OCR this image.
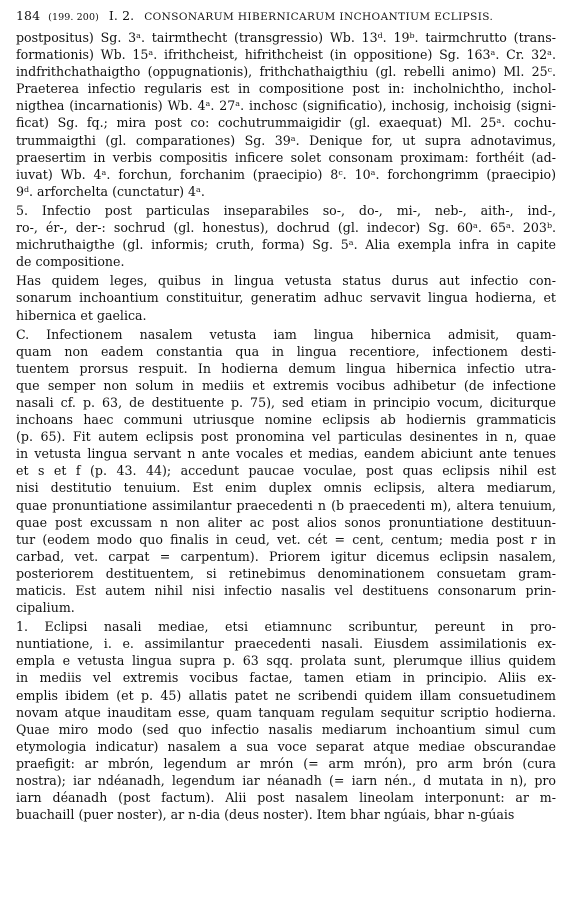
184 (199. 200) I. 2. CONSONARUM HIBERNICARUM INCHOANTIUM ECLIPSIS.
postpositus) Sg. 3ᵃ. tairmthecht (transgressio) Wb. 13ᵈ. 19ᵇ. tairmchrutto (trans-
formationis) Wb. 15ᵃ. ifrithcheist, hifrithcheist (in oppositione) Sg. 163ᵃ. Cr. 32ᵃ.
indfrithchathaigtho (oppugnationis), frithchathaigthiu (gl. rebelli animo) Ml. 25ᶜ.
Praeterea infectio regularis est in compositione post in: incholnichtho, inchol-
nigthea (incarnationis) Wb. 4ᵃ. 27ᵃ. inchosc (significatio), inchosig, inchoisig (signi-
ficat) Sg. fq.; mira post co: cochutrummaigidir (gl. exaequat) Ml. 25ᵃ. cochu-
trummaigthi (gl. comparationes) Sg. 39ᵃ. Denique for, ut supra adnotavimus,
praesertim in verbis compositis inficere solet consonam proximam: forthéit (ad-
iuvat) Wb. 4ᵃ. forchun, forchanim (praecipio) 8ᶜ. 10ᵃ. forchongrimm (praecipio)
9ᵈ. arforchelta (cunctatur) 4ᵃ.
5. Infectio post particulas inseparabiles so-, do-, mi-, neb-, aith-, ind-,
ro-, ér-, der-: sochrud (gl. honestus), dochrud (gl. indecor) Sg. 60ᵃ. 65ᵃ. 203ᵇ.
michruthaigthe (gl. informis; cruth, forma) Sg. 5ᵃ. Alia exempla infra in capite
de compositione.
Has quidem leges, quibus in lingua vetusta status durus aut infectio con-
sonarum inchoantium constituitur, generatim adhuc servavit lingua hodierna, et
hibernica et gaelica.
C. Infectionem nasalem vetusta iam lingua hibernica admisit, quam-
quam non eadem constantia qua in lingua recentiore, infectionem desti-
tuentem prorsus respuit. In hodierna demum lingua hibernica infectio utra-
que semper non solum in mediis et extremis vocibus adhibetur (de infectione
nasali cf. p. 63, de destituente p. 75), sed etiam in principio vocum, diciturque
inchoans haec communi utriusque nomine eclipsis ab hodiernis grammaticis
(p. 65). Fit autem eclipsis post pronomina vel particulas desinentes in n, quae
in vetusta lingua servant n ante vocales et medias, eandem abiciunt ante tenues
et s et f (p. 43. 44); accedunt paucae voculae, post quas eclipsis nihil est
nisi destitutio tenuium. Est enim duplex omnis eclipsis, altera mediarum,
quae pronuntiatione assimilantur praecedenti n (b praecedenti m), altera tenuium,
quae post excussam n non aliter ac post alios sonos pronuntiatione destituun-
tur (eodem modo quo finalis in ceud, vet. cét = cent, centum; media post r in
carbad, vet. carpat = carpentum). Priorem igitur dicemus eclipsin nasalem,
posteriorem destituentem, si retinebimus denominationem consuetam gram-
maticis. Est autem nihil nisi infectio nasalis vel destituens consonarum prin-
cipalium.
1. Eclipsi nasali mediae, etsi etiamnunc scribuntur, pereunt in pro-
nuntiatione, i. e. assimilantur praecedenti nasali. Eiusdem assimilationis ex-
empla e vetusta lingua supra p. 63 sqq. prolata sunt, plerumque illius quidem
in mediis vel extremis vocibus factae, tamen etiam in principio. Aliis ex-
emplis ibidem (et p. 45) allatis patet ne scribendi quidem illam consuetudinem
novam atque inauditam esse, quam tanquam regulam sequitur scriptio hodierna.
Quae miro modo (sed quo infectio nasalis mediarum inchoantium simul cum
etymologia indicatur) nasalem a sua voce separat atque mediae obscurandae
praefigit: ar mbrón, legendum ar mrón (= arm mrón), pro arm brón (cura
nostra); iar ndéanadh, legendum iar néanadh (= iarn nén., d mutata in n), pro
iarn déanadh (post factum). Alii post nasalem lineolam interponunt: ar m-
buachaill (puer noster), ar n-dia (deus noster). Item bhar ngúais, bhar n-gúais
